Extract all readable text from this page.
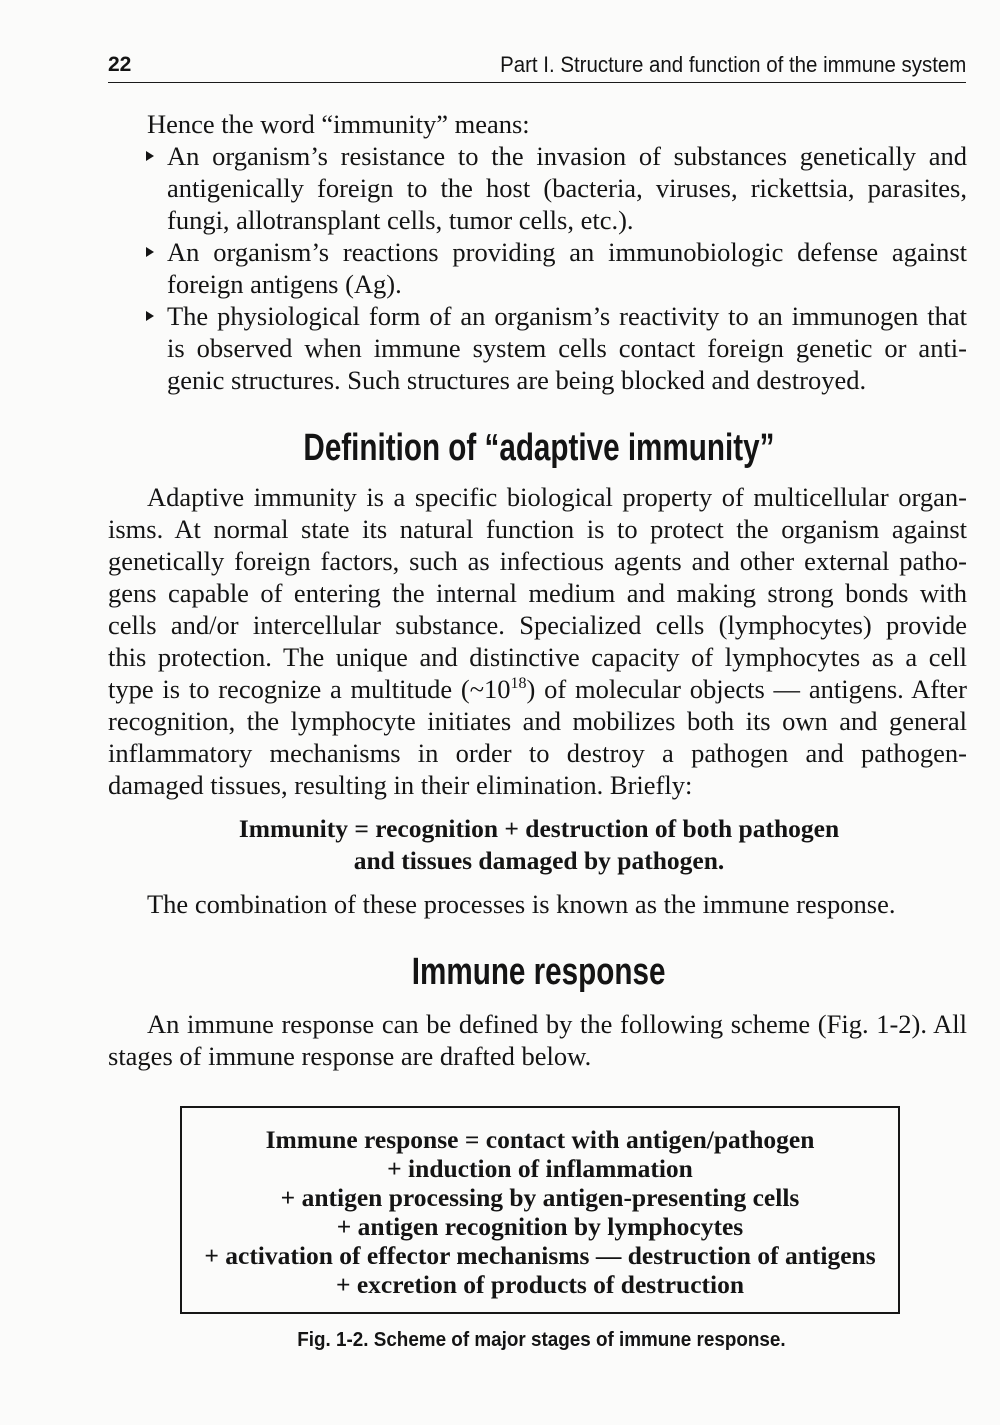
22	Part I. Structure and function of the immune system
Hence the word “immunity” means:
An organism’s resistance to the invasion of substances genetically and
antigenically foreign to the host (bacteria, viruses, rickettsia, parasites,
fungi, allotransplant cells, tumor cells, etc.).
An organism’s reactions providing an immunobiologic defense against
foreign antigens (Ag).
The physiological form of an organism’s reactivity to an immunogen that
is observed when immune system cells contact foreign genetic or anti-
genic structures. Such structures are being blocked and destroyed.
Definition of “adaptive immunity”
Adaptive immunity is a specific biological property of multicellular organ-
isms. At normal state its natural function is to protect the organism against
genetically foreign factors, such as infectious agents and other external patho-
gens capable of entering the internal medium and making strong bonds with
cells and/or intercellular substance. Specialized cells (lymphocytes) provide
this protection. The unique and distinctive capacity of lymphocytes as a cell
type is to recognize a multitude $(\sim 10^{18})$ of molecular objects — antigens. After
recognition, the lymphocyte initiates and mobilizes both its own and general
inflammatory mechanisms in order to destroy a pathogen and pathogen-
damaged tissues, resulting in their elimination. Briefly:
Immunity = recognition + destruction of both pathogen
and tissues damaged by pathogen.
The combination of these processes is known as the immune response.
Immune response
An immune response can be defined by the following scheme (Fig. 1-2). All
stages of immune response are drafted below.
Immune response = contact with antigen/pathogen
+ induction of inflammation
+ antigen processing by antigen-presenting cells
+ antigen recognition by lymphocytes
+ activation of effector mechanisms — destruction of antigens
+ excretion of products of destruction
Fig. 1-2. Scheme of major stages of immune response.
